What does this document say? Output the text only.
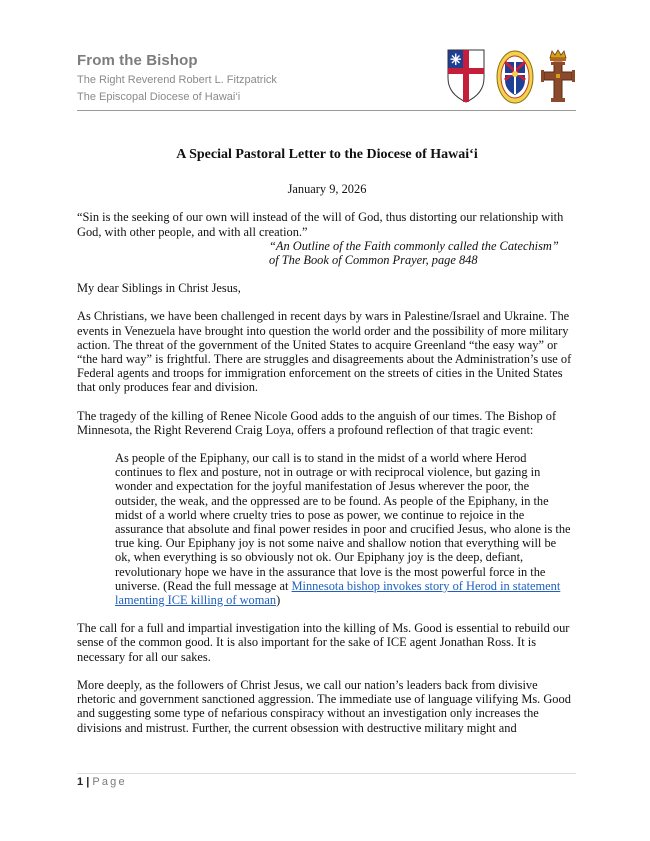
From the Bishop

The Right Reverend Robert L. Fitzpatrick

The Episcopal Diocese of Hawai‘i

A Special Pastoral Letter to the Diocese of Hawai‘i

January 9, 2026

“Sin is the seeking of our own will instead of the will of God, thus distorting our relationship with God, with other people, and with all creation.”

“An Outline of the Faith commonly called the Catechism”
of The Book of Common Prayer, page 848

My dear Siblings in Christ Jesus,

As Christians, we have been challenged in recent days by wars in Palestine/Israel and Ukraine. The events in Venezuela have brought into question the world order and the possibility of more military action. The threat of the government of the United States to acquire Greenland “the easy way” or “the hard way” is frightful. There are struggles and disagreements about the Administration’s use of Federal agents and troops for immigration enforcement on the streets of cities in the United States that only produces fear and division.

The tragedy of the killing of Renee Nicole Good adds to the anguish of our times. The Bishop of Minnesota, the Right Reverend Craig Loya, offers a profound reflection of that tragic event:

As people of the Epiphany, our call is to stand in the midst of a world where Herod continues to flex and posture, not in outrage or with reciprocal violence, but gazing in wonder and expectation for the joyful manifestation of Jesus wherever the poor, the outsider, the weak, and the oppressed are to be found. As people of the Epiphany, in the midst of a world where cruelty tries to pose as power, we continue to rejoice in the assurance that absolute and final power resides in poor and crucified Jesus, who alone is the true king. Our Epiphany joy is not some naive and shallow notion that everything will be ok, when everything is so obviously not ok. Our Epiphany joy is the deep, defiant, revolutionary hope we have in the assurance that love is the most powerful force in the universe. (Read the full message at Minnesota bishop invokes story of Herod in statement lamenting ICE killing of woman)

The call for a full and impartial investigation into the killing of Ms. Good is essential to rebuild our sense of the common good. It is also important for the sake of ICE agent Jonathan Ross. It is necessary for all our sakes.

More deeply, as the followers of Christ Jesus, we call our nation’s leaders back from divisive rhetoric and government sanctioned aggression. The immediate use of language vilifying Ms. Good and suggesting some type of nefarious conspiracy without an investigation only increases the divisions and mistrust. Further, the current obsession with destructive military might and

1 | Page
